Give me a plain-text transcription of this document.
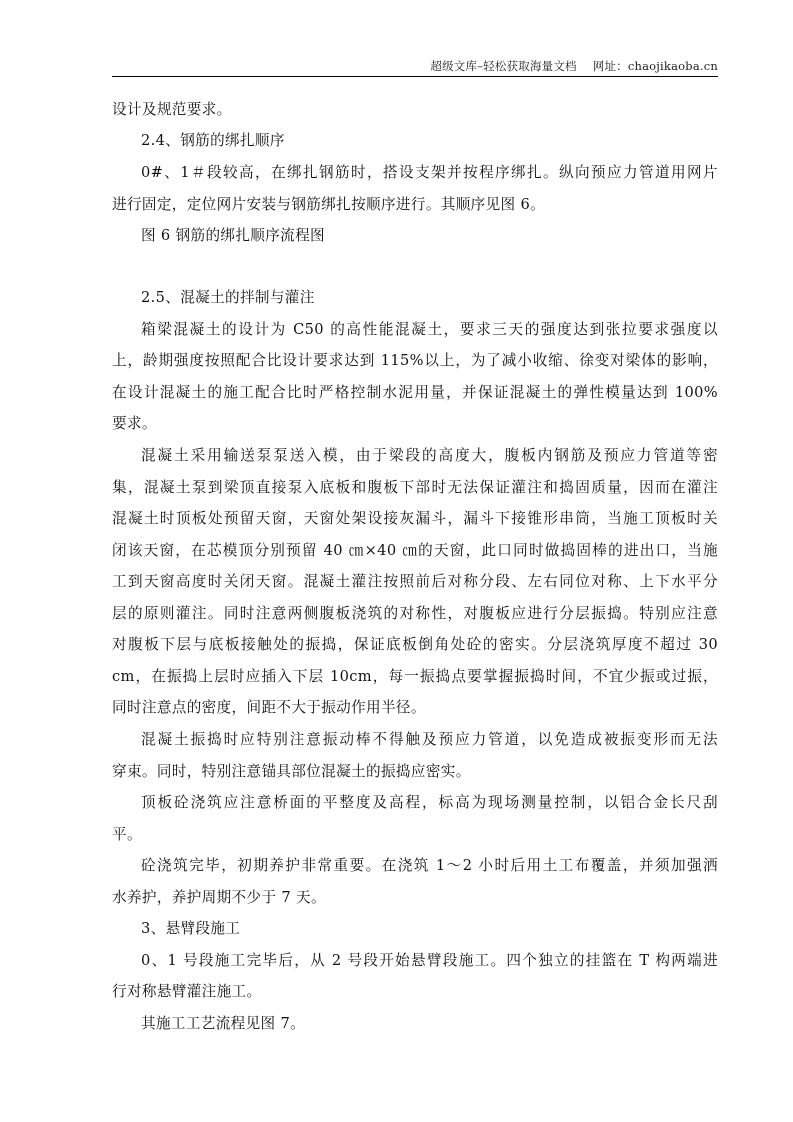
超级文库–轻松获取海量文档 网址：chaojikaoba.cn
设计及规范要求。
2.4、钢筋的绑扎顺序
0#、1＃段较高，在绑扎钢筋时，搭设支架并按程序绑扎。纵向预应力管道用网片
进行固定，定位网片安装与钢筋绑扎按顺序进行。其顺序见图 6。
图 6 钢筋的绑扎顺序流程图
2.5、混凝土的拌制与灌注
箱梁混凝土的设计为 C50 的高性能混凝土，要求三天的强度达到张拉要求强度以
上，龄期强度按照配合比设计要求达到 115%以上，为了减小收缩、徐变对梁体的影响，
在设计混凝土的施工配合比时严格控制水泥用量，并保证混凝土的弹性模量达到 100%
要求。
混凝土采用输送泵泵送入模，由于梁段的高度大，腹板内钢筋及预应力管道等密
集，混凝土泵到梁顶直接泵入底板和腹板下部时无法保证灌注和捣固质量，因而在灌注
混凝土时顶板处预留天窗，天窗处架设接灰漏斗，漏斗下接锥形串筒，当施工顶板时关
闭该天窗，在芯模顶分别预留 40 ㎝×40 ㎝的天窗，此口同时做捣固棒的进出口，当施
工到天窗高度时关闭天窗。混凝土灌注按照前后对称分段、左右同位对称、上下水平分
层的原则灌注。同时注意两侧腹板浇筑的对称性，对腹板应进行分层振捣。特别应注意
对腹板下层与底板接触处的振捣，保证底板倒角处砼的密实。分层浇筑厚度不超过 30
cm，在振捣上层时应插入下层 10cm，每一振捣点要掌握振捣时间，不宜少振或过振，
同时注意点的密度，间距不大于振动作用半径。
混凝土振捣时应特别注意振动棒不得触及预应力管道，以免造成被振变形而无法
穿束。同时，特别注意锚具部位混凝土的振捣应密实。
顶板砼浇筑应注意桥面的平整度及高程，标高为现场测量控制，以铝合金长尺刮
平。
砼浇筑完毕，初期养护非常重要。在浇筑 1～2 小时后用土工布覆盖，并须加强洒
水养护，养护周期不少于 7 天。
3、悬臂段施工
0、1 号段施工完毕后，从 2 号段开始悬臂段施工。四个独立的挂篮在 T 构两端进
行对称悬臂灌注施工。
其施工工艺流程见图 7。
